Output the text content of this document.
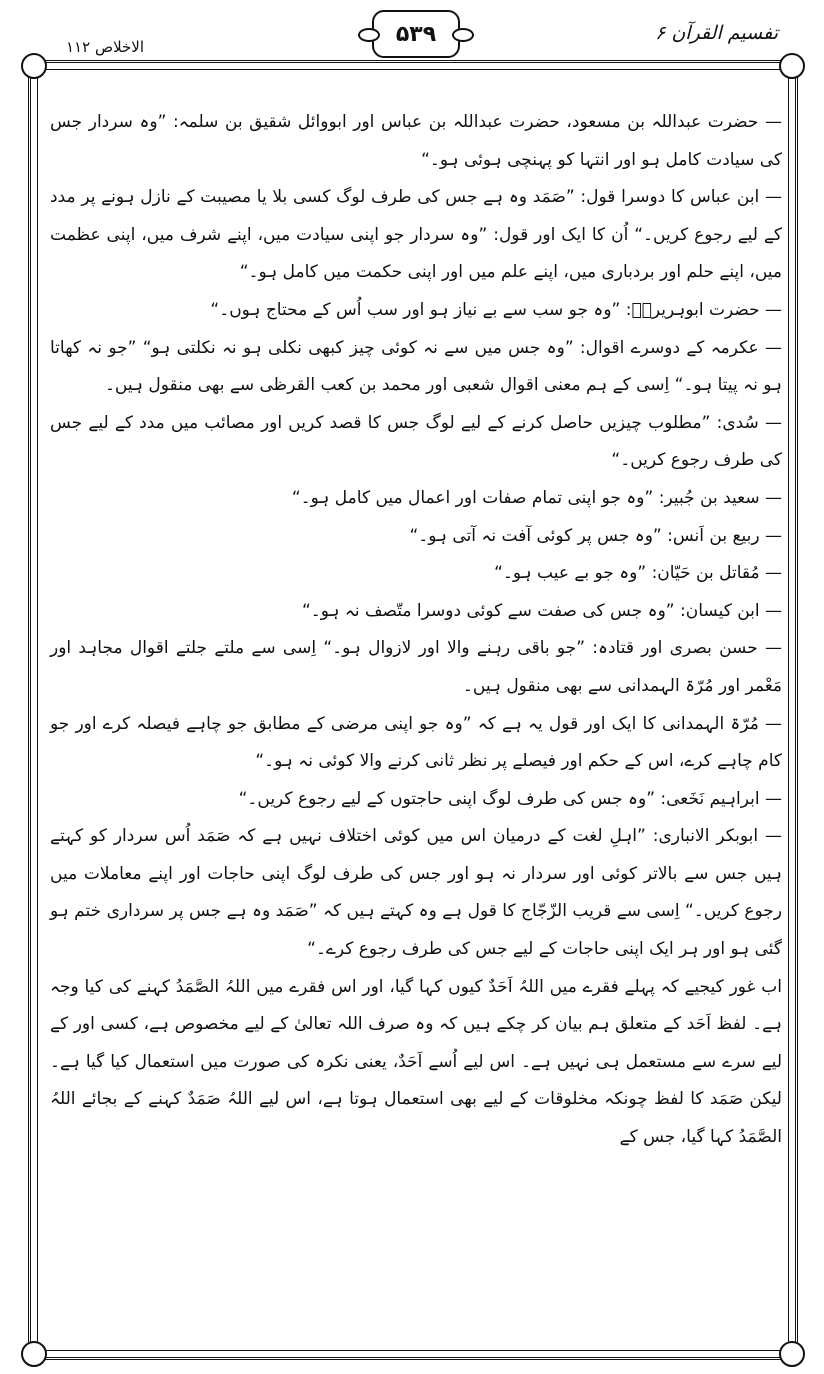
الاخلاص ۱۱۲
۵۳۹	تفسیم القرآن ۶

— حضرت عبداللہ بن مسعود، حضرت عبداللہ بن عباس اور ابووائل شقیق بن سلمہ: ”وہ سردار جس کی سیادت کامل ہو اور انتہا کو پہنچی ہوئی ہو۔“

— ابن عباس کا دوسرا قول: ”صَمَد وہ ہے جس کی طرف لوگ کسی بلا یا مصیبت کے نازل ہونے پر مدد کے لیے رجوع کریں۔“ اُن کا ایک اور قول: ”وہ سردار جو اپنی سیادت میں، اپنے شرف میں، اپنی عظمت میں، اپنے حلم اور بردباری میں، اپنے علم میں اور اپنی حکمت میں کامل ہو۔“

— حضرت ابوہریرہؓ: ”وہ جو سب سے بے نیاز ہو اور سب اُس کے محتاج ہوں۔“

— عکرمہ کے دوسرے اقوال: ”وہ جس میں سے نہ کوئی چیز کبھی نکلی ہو نہ نکلتی ہو“ ”جو نہ کھاتا ہو نہ پیتا ہو۔“ اِسی کے ہم معنی اقوال شعبی اور محمد بن کعب القرظی سے بھی منقول ہیں۔

— سُدی: ”مطلوب چیزیں حاصل کرنے کے لیے لوگ جس کا قصد کریں اور مصائب میں مدد کے لیے جس کی طرف رجوع کریں۔“

— سعید بن جُبیر: ”وہ جو اپنی تمام صفات اور اعمال میں کامل ہو۔“

— ربیع بن اَنس: ”وہ جس پر کوئی آفت نہ آتی ہو۔“

— مُقاتل بن حَیّان: ”وہ جو بے عیب ہو۔“

— ابن کیسان: ”وہ جس کی صفت سے کوئی دوسرا متّصف نہ ہو۔“

— حسن بصری اور قتادہ: ”جو باقی رہنے والا اور لازوال ہو۔“ اِسی سے ملتے جلتے اقوال مجاہد اور مَعْمر اور مُرّۃ الہمدانی سے بھی منقول ہیں۔

— مُرّۃ الہمدانی کا ایک اور قول یہ ہے کہ ”وہ جو اپنی مرضی کے مطابق جو چاہے فیصلہ کرے اور جو کام چاہے کرے، اس کے حکم اور فیصلے پر نظر ثانی کرنے والا کوئی نہ ہو۔“

— ابراہیم نَخَعی: ”وہ جس کی طرف لوگ اپنی حاجتوں کے لیے رجوع کریں۔“

— ابوبکر الانباری: ”اہلِ لغت کے درمیان اس میں کوئی اختلاف نہیں ہے کہ صَمَد اُس سردار کو کہتے ہیں جس سے بالاتر کوئی اور سردار نہ ہو اور جس کی طرف لوگ اپنی حاجات اور اپنے معاملات میں رجوع کریں۔“ اِسی سے قریب الزّجّاج کا قول ہے وہ کہتے ہیں کہ ”صَمَد وہ ہے جس پر سرداری ختم ہو گئی ہو اور ہر ایک اپنی حاجات کے لیے جس کی طرف رجوع کرے۔“

اب غور کیجیے کہ پہلے فقرے میں اللہُ اَحَدٌ کیوں کہا گیا، اور اس فقرے میں اللہُ الصَّمَدُ کہنے کی کیا وجہ ہے۔ لفظ اَحَد کے متعلق ہم بیان کر چکے ہیں کہ وہ صرف اللہ تعالیٰ کے لیے مخصوص ہے، کسی اور کے لیے سرے سے مستعمل ہی نہیں ہے۔ اس لیے اُسے اَحَدٌ، یعنی نکرہ کی صورت میں استعمال کیا گیا ہے۔ لیکن صَمَد کا لفظ چونکہ مخلوقات کے لیے بھی استعمال ہوتا ہے، اس لیے اللہُ صَمَدٌ کہنے کے بجائے اللہُ الصَّمَدُ کہا گیا، جس کے
